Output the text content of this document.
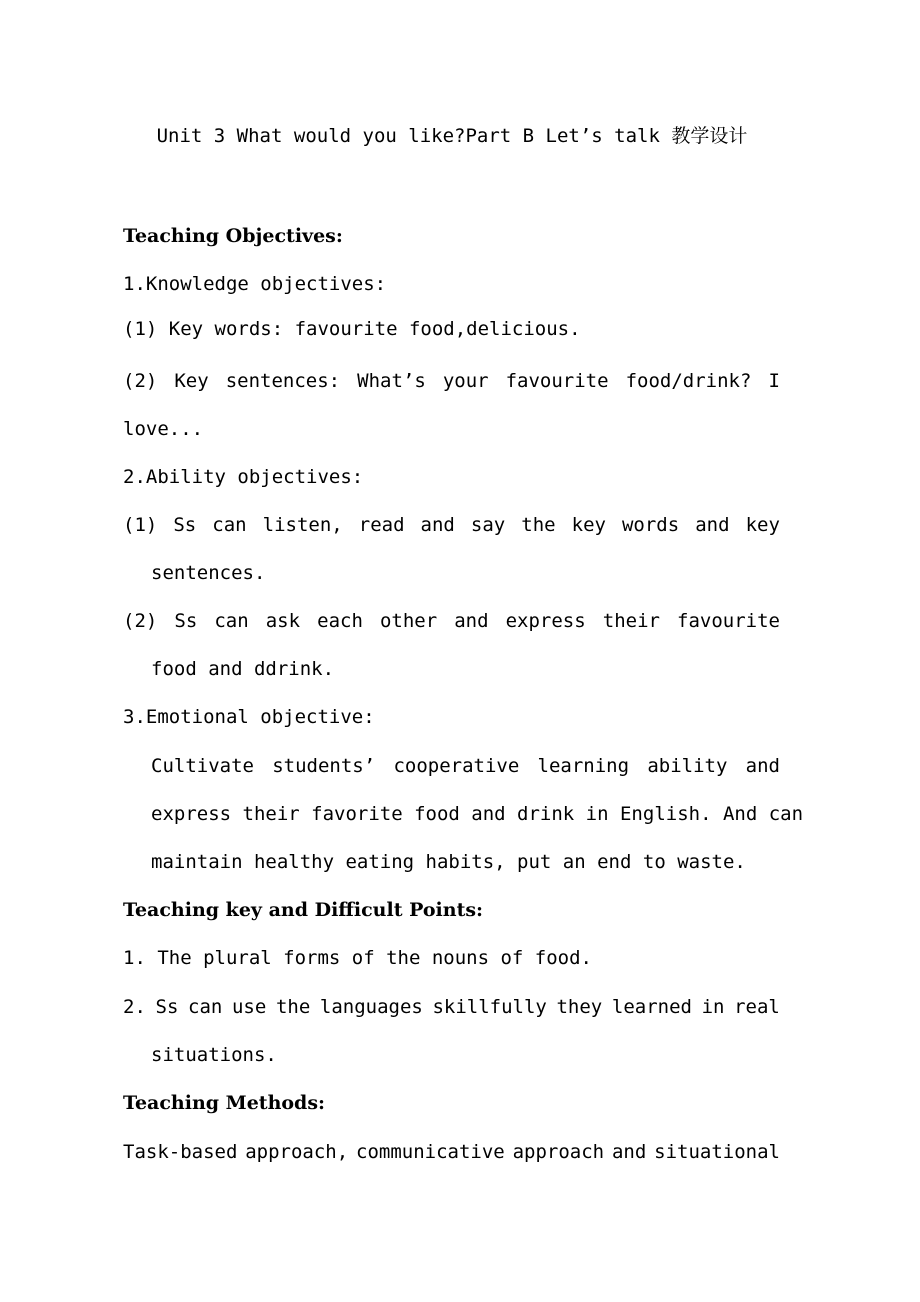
Unit 3 What would you like?Part B Let’s talk 教学设计
Teaching Objectives:
1.Knowledge objectives:
(1) Key words: favourite food,delicious.
(2) Key sentences: What’s your favourite food/drink? I
love...
2.Ability objectives:
(1) Ss can listen, read and say the key words and key
sentences.
(2) Ss can ask each other and express their favourite
food and ddrink.
3.Emotional objective:
Cultivate students’ cooperative learning ability and
express their favorite food and drink in English. And can
maintain healthy eating habits, put an end to waste.
Teaching key and Difficult Points:
1. The plural forms of the nouns of food.
2. Ss can use the languages skillfully they learned in real
situations.
Teaching Methods:
Task-based approach, communicative approach and situational
